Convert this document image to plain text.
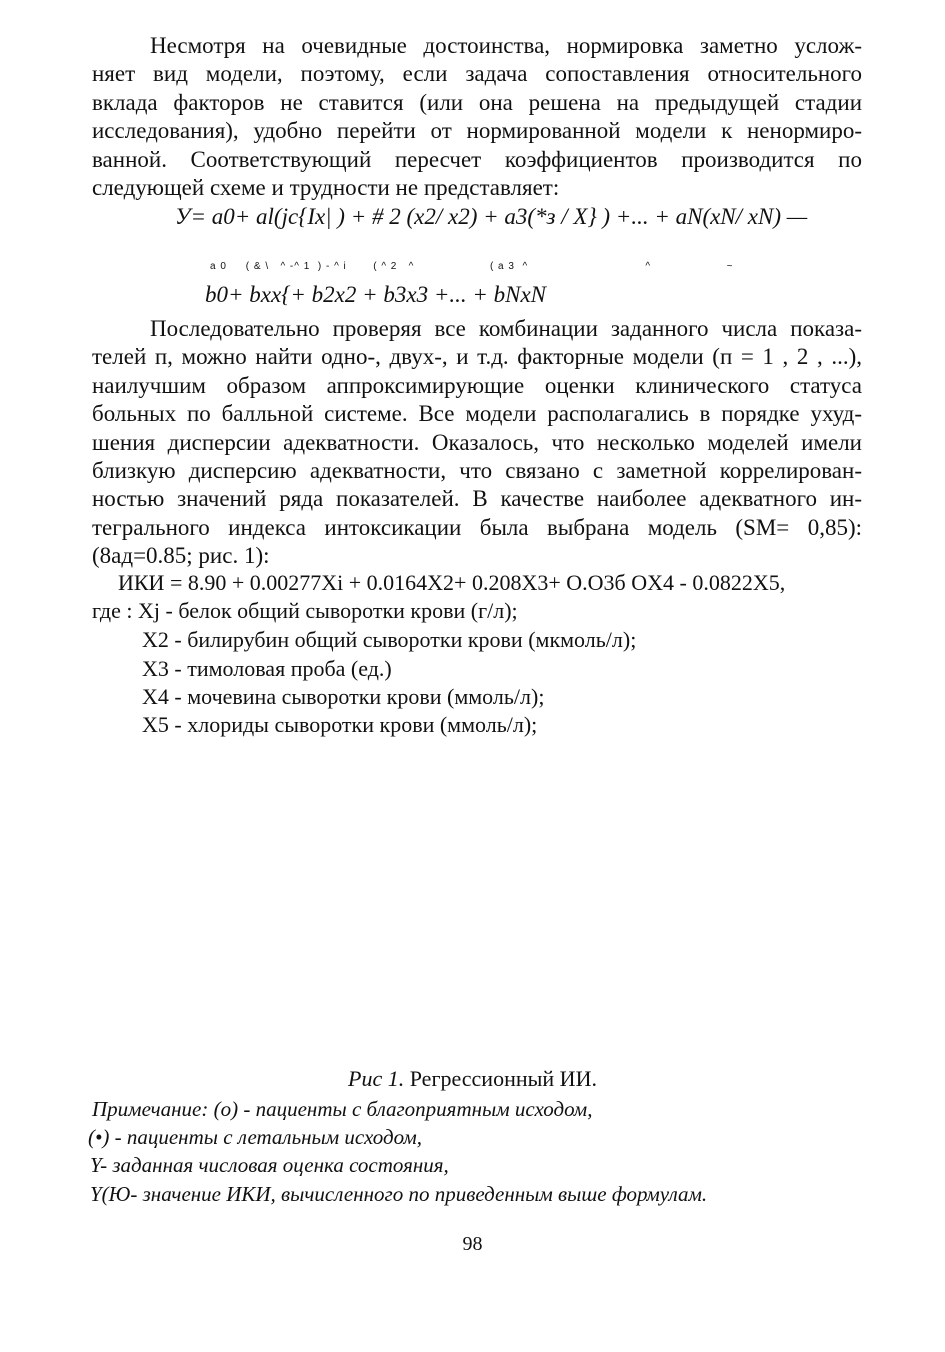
Несмотря на очевидные достоинства, нормировка заметно услож-
няет вид модели, поэтому, если задача сопоставления относительного
вклада факторов не ставится (или она решена на предыдущей стадии
исследования), удобно перейти от нормированной модели к ненормиро-
ванной. Соответствующий пересчет коэффициентов производится по
следующей схеме и трудности не представляет:
У= a0+ al(jc{Ix| ) + # 2 (x2/ x2) + a3(*з / X} ) +... + aN(xN/ xN) —
a 0     ( & \   ^ -^ 1  ) - ^ i       ( ^ 2   ^                    ( a 3  ^                               ^                    ~
b0+ bxx{+ b2x2 + b3x3 +... + bNxN
Последовательно проверяя все комбинации заданного числа показа-
телей п, можно найти одно-, двух-, и т.д. факторные модели (п = 1 , 2 , ...),
наилучшим образом аппроксимирующие оценки клинического статуса
больных по балльной системе. Все модели располагались в порядке ухуд-
шения дисперсии адекватности. Оказалось, что несколько моделей имели
близкую дисперсию адекватности, что связано с заметной коррелирован-
ностью значений ряда показателей. В качестве наиболее адекватного ин-
тегрального индекса интоксикации была выбрана модель (SM= 0,85):
(8ад=0.85; рис. 1):
ИКИ = 8.90 + 0.00277Xi + 0.0164X2+ 0.208X3+ O.O3б OX4 - 0.0822X5,
где : Xj - белок общий сыворотки крови (г/л);
X2 - билирубин общий сыворотки крови (мкмоль/л);
X3 - тимоловая проба (ед.)
X4 - мочевина сыворотки крови (ммоль/л);
X5 - хлориды сыворотки крови (ммоль/л);
Рис 1. Регрессионный ИИ.
Примечание: (о) - пациенты с благоприятным исходом,
(•) - пациенты с летальным исходом,
Y- заданная числовая оценка состояния,
Y(Ю- значение ИКИ, вычисленного по приведенным выше формулам.
98
